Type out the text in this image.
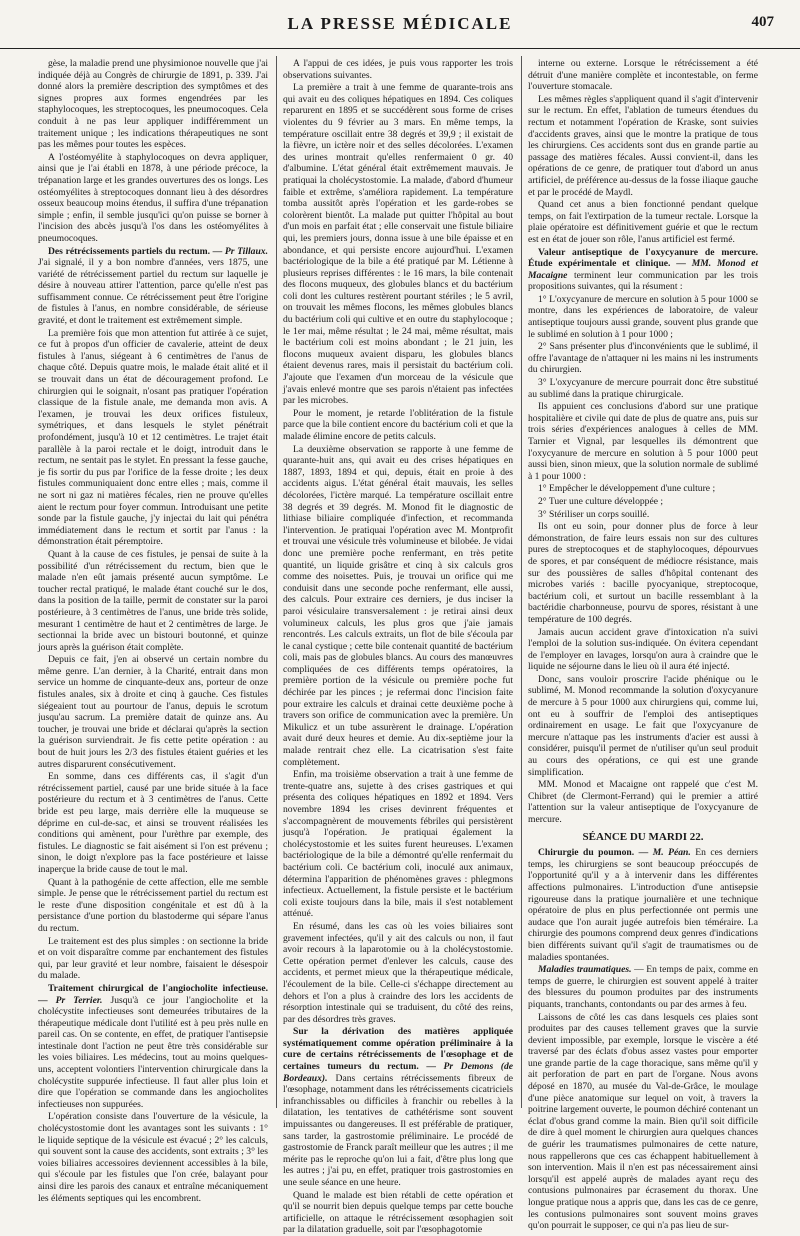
LA PRESSE MÉDICALE	407

gèse, la maladie prend une physimionoe nouvelle que j'ai indiquée déjà au Congrès de chirurgie de 1891, p. 339. J'ai donné alors la première description des symptômes et des signes propres aux formes engendrées par les staphylocoques, les streptocoques, les pneumocoques. Cela conduit à ne pas leur appliquer indifféremment un traitement unique ; les indications thérapeutiques ne sont pas les mêmes pour toutes les espèces.

A l'ostéomyélite à staphylocoques on devra appliquer, ainsi que je l'ai établi en 1878, à une période précoce, la trépanation large et les grandes ouvertures des os longs. Les ostéomyélites à streptocoques donnant lieu à des désordres osseux beaucoup moins étendus, il suffira d'une trépanation simple ; enfin, il semble jusqu'ici qu'on puisse se borner à l'incision des abcès jusqu'à l'os dans les ostéomyélites à pneumocoques.

Des rétrécissements partiels du rectum. — Pr Tillaux. J'ai signalé, il y a bon nombre d'années, vers 1875, une variété de rétrécissement partiel du rectum sur laquelle je désire à nouveau attirer l'attention, parce qu'elle n'est pas suffisamment connue. Ce rétrécissement peut être l'origine de fistules à l'anus, en nombre considérable, de sérieuse gravité, et dont le traitement est extrêmement simple.

La première fois que mon attention fut attirée à ce sujet, ce fut à propos d'un officier de cavalerie, atteint de deux fistules à l'anus, siégeant à 6 centimètres de l'anus de chaque côté. Depuis quatre mois, le malade était alité et il se trouvait dans un état de découragement profond. Le chirurgien qui le soignait, n'osant pas pratiquer l'opération classique de la fistule anale, me demanda mon avis. A l'examen, je trouvai les deux orifices fistuleux, symétriques, et dans lesquels le stylet pénétrait profondément, jusqu'à 10 et 12 centimètres. Le trajet était parallèle à la paroi rectale et le doigt, introduit dans le rectum, ne sentait pas le stylet. En pressant la fesse gauche, je fis sortir du pus par l'orifice de la fesse droite ; les deux fistules communiquaient donc entre elles ; mais, comme il ne sort ni gaz ni matières fécales, rien ne prouve qu'elles aient le rectum pour foyer commun. Introduisant une petite sonde par la fistule gauche, j'y injectai du lait qui pénétra immédiatement dans le rectum et sortit par l'anus : la démonstration était péremptoire.

Quant à la cause de ces fistules, je pensai de suite à la possibilité d'un rétrécissement du rectum, bien que le malade n'en eût jamais présenté aucun symptôme. Le toucher rectal pratiqué, le malade étant couché sur le dos, dans la position de la taille, permit de constater sur la paroi postérieure, à 3 centimètres de l'anus, une bride très solide, mesurant 1 centimètre de haut et 2 centimètres de large. Je sectionnai la bride avec un bistouri boutonné, et quinze jours après la guérison était complète.

Depuis ce fait, j'en ai observé un certain nombre du même genre. L'an dernier, à la Charité, entrait dans mon service un homme de cinquante-deux ans, porteur de onze fistules anales, six à droite et cinq à gauche. Ces fistules siégeaient tout au pourtour de l'anus, depuis le scrotum jusqu'au sacrum. La première datait de quinze ans. Au toucher, je trouvai une bride et déclarai qu'après la section la guérison surviendrait. Je fis cette petite opération : au bout de huit jours les 2/3 des fistules étaient guéries et les autres disparurent consécutivement.

En somme, dans ces différents cas, il s'agit d'un rétrécissement partiel, causé par une bride située à la face postérieure du rectum et à 3 centimètres de l'anus. Cette bride est peu large, mais derrière elle la muqueuse se déprime en cul-de-sac, et ainsi se trouvent réalisées les conditions qui amènent, pour l'urèthre par exemple, des fistules. Le diagnostic se fait aisément si l'on est prévenu ; sinon, le doigt n'explore pas la face postérieure et laisse inaperçue la bride cause de tout le mal.

Quant à la pathogénie de cette affection, elle me semble simple. Je pense que le rétrécissement partiel du rectum est le reste d'une disposition congénitale et est dû à la persistance d'une portion du blastoderme qui sépare l'anus du rectum.

Le traitement est des plus simples : on sectionne la bride et on voit disparaître comme par enchantement des fistules qui, par leur gravité et leur nombre, faisaient le désespoir du malade.

Traitement chirurgical de l'angiocholite infectieuse. — Pr Terrier. Jusqu'à ce jour l'angiocholite et la cholécystite infectieuses sont demeurées tributaires de la thérapeutique médicale dont l'utilité est à peu près nulle en pareil cas. On se contente, en effet, de pratiquer l'antisepsie intestinale dont l'action ne peut être très considérable sur les voies biliaires. Les médecins, tout au moins quelques-uns, acceptent volontiers l'intervention chirurgicale dans la cholécystite suppurée infectieuse. Il faut aller plus loin et dire que l'opération se commande dans les angiocholites infectieuses non suppurées.

L'opération consiste dans l'ouverture de la vésicule, la cholécystostomie dont les avantages sont les suivants : 1° le liquide septique de la vésicule est évacué ; 2° les calculs, qui souvent sont la cause des accidents, sont extraits ; 3° les voies biliaires accessoires deviennent accessibles à la bile, qui s'écoule par les fistules que l'on crée, balayant pour ainsi dire les parois des canaux et entraîne mécaniquement les éléments septiques qui les encombrent.

A l'appui de ces idées, je puis vous rapporter les trois observations suivantes.

La première a trait à une femme de quarante-trois ans qui avait eu des coliques hépatiques en 1894. Ces coliques reparurent en 1895 et se succédèrent sous forme de crises violentes du 9 février au 3 mars. En même temps, la température oscillait entre 38 degrés et 39,9 ; il existait de la fièvre, un ictère noir et des selles décolorées. L'examen des urines montrait qu'elles renfermaient 0 gr. 40 d'albumine. L'état général était extrêmement mauvais. Je pratiquai la cholécystostomie. La malade, d'abord d'humeur faible et extrême, s'améliora rapidement. La température tomba aussitôt après l'opération et les garde-robes se colorèrent bientôt. La malade put quitter l'hôpital au bout d'un mois en parfait état ; elle conservait une fistule biliaire qui, les premiers jours, donna issue à une bile épaisse et en abondance, et qui persiste encore aujourd'hui. L'examen bactériologique de la bile a été pratiqué par M. Létienne à plusieurs reprises différentes : le 16 mars, la bile contenait des flocons muqueux, des globules blancs et du bactérium coli dont les cultures restèrent pourtant stériles ; le 5 avril, on trouvait les mêmes flocons, les mêmes globules blancs du bactérium coli qui cultive et en outre du staphylocoque ; le 1er mai, même résultat ; le 24 mai, même résultat, mais le bactérium coli est moins abondant ; le 21 juin, les flocons muqueux avaient disparu, les globules blancs étaient devenus rares, mais il persistait du bactérium coli. J'ajoute que l'examen d'un morceau de la vésicule que j'avais enlevé montre que ses parois n'étaient pas infectées par les microbes.

Pour le moment, je retarde l'oblitération de la fistule parce que la bile contient encore du bactérium coli et que la malade élimine encore de petits calculs.

La deuxième observation se rapporte à une femme de quarante-huit ans, qui avait eu des crises hépatiques en 1887, 1893, 1894 et qui, depuis, était en proie à des accidents aigus. L'état général était mauvais, les selles décolorées, l'ictère marqué. La température oscillait entre 38 degrés et 39 degrés. M. Monod fit le diagnostic de lithiase biliaire compliquée d'infection, et recommanda l'intervention. Je pratiquai l'opération avec M. Montprofit et trouvai une vésicule très volumineuse et bilobée. Je vidai donc une première poche renfermant, en très petite quantité, un liquide grisâtre et cinq à six calculs gros comme des noisettes. Puis, je trouvai un orifice qui me conduisit dans une seconde poche renfermant, elle aussi, des calculs. Pour extraire ces derniers, je dus inciser la paroi vésiculaire transversalement : je retirai ainsi deux volumineux calculs, les plus gros que j'aie jamais rencontrés. Les calculs extraits, un flot de bile s'écoula par le canal cystique ; cette bile contenait quantité de bactérium coli, mais pas de globules blancs. Au cours des manœuvres compliquées de ces différents temps opératoires, la première portion de la vésicule ou première poche fut déchirée par les pinces ; je refermai donc l'incision faite pour extraire les calculs et drainai cette deuxième poche à travers son orifice de communication avec la première. Un Mikulicz et un tube assurèrent le drainage. L'opération avait duré deux heures et demie. Au dix-septième jour la malade rentrait chez elle. La cicatrisation s'est faite complètement.

Enfin, ma troisième observation a trait à une femme de trente-quatre ans, sujette à des crises gastriques et qui présenta des coliques hépatiques en 1892 et 1894. Vers novembre 1894 les crises devinrent fréquentes et s'accompagnèrent de mouvements fébriles qui persistèrent jusqu'à l'opération. Je pratiquai également la cholécystostomie et les suites furent heureuses. L'examen bactériologique de la bile a démontré qu'elle renfermait du bactérium coli. Ce bactérium coli, inoculé aux animaux, détermina l'apparition de phénomènes graves : phlegmons infectieux. Actuellement, la fistule persiste et le bactérium coli existe toujours dans la bile, mais il s'est notablement atténué.

En résumé, dans les cas où les voies biliaires sont gravement infectées, qu'il y ait des calculs ou non, il faut avoir recours à la laparotomie ou à la cholécystostomie. Cette opération permet d'enlever les calculs, cause des accidents, et permet mieux que la thérapeutique médicale, l'écoulement de la bile. Celle-ci s'échappe directement au dehors et l'on a plus à craindre des lors les accidents de résorption intestinale qui se traduisent, du côté des reins, par des désordres très graves.

Sur la dérivation des matières appliquée systématiquement comme opération préliminaire à la cure de certains rétrécissements de l'œsophage et de certaines tumeurs du rectum. — Pr Demons (de Bordeaux). Dans certains rétrécissements fibreux de l'œsophage, notamment dans les rétrécissements cicatriciels infranchissables ou difficiles à franchir ou rebelles à la dilatation, les tentatives de cathétérisme sont souvent impuissantes ou dangereuses. Il est préférable de pratiquer, sans tarder, la gastrostomie préliminaire. Le procédé de gastrostomie de Franck paraît meilleur que les autres ; il me mérite pas le reproche qu'on lui a fait, d'être plus long que les autres ; j'ai pu, en effet, pratiquer trois gastrostomies en une seule séance en une heure.

Quand le malade est bien rétabli de cette opération et qu'il se nourrit bien depuis quelque temps par cette bouche artificielle, on attaque le rétrécissement œsophagien soit par la dilatation graduelle, soit par l'œsophagotomie

interne ou externe. Lorsque le rétrécissement a été détruit d'une manière complète et incontestable, on ferme l'ouverture stomacale.

Les mêmes règles s'appliquent quand il s'agit d'intervenir sur le rectum. En effet, l'ablation de tumeurs étendues du rectum et notamment l'opération de Kraske, sont suivies d'accidents graves, ainsi que le montre la pratique de tous les chirurgiens. Ces accidents sont dus en grande partie au passage des matières fécales. Aussi convient-il, dans les opérations de ce genre, de pratiquer tout d'abord un anus artificiel, de préférence au-dessus de la fosse iliaque gauche et par le procédé de Maydl.

Quand cet anus a bien fonctionné pendant quelque temps, on fait l'extirpation de la tumeur rectale. Lorsque la plaie opératoire est définitivement guérie et que le rectum est en état de jouer son rôle, l'anus artificiel est fermé.

Valeur antiseptique de l'oxycyanure de mercure. Étude expérimentale et clinique. — MM. Monod et Macaigne terminent leur communication par les trois propositions suivantes, qui la résument :

1° L'oxycyanure de mercure en solution à 5 pour 1000 se montre, dans les expériences de laboratoire, de valeur antiseptique toujours aussi grande, souvent plus grande que le sublimé en solution à 1 pour 1000 ;

2° Sans présenter plus d'inconvénients que le sublimé, il offre l'avantage de n'attaquer ni les mains ni les instruments du chirurgien.

3° L'oxycyanure de mercure pourrait donc être substitué au sublimé dans la pratique chirurgicale.

Ils appuient ces conclusions d'abord sur une pratique hospitalière et civile qui date de plus de quatre ans, puis sur trois séries d'expériences analogues à celles de MM. Tarnier et Vignal, par lesquelles ils démontrent que l'oxycyanure de mercure en solution à 5 pour 1000 peut aussi bien, sinon mieux, que la solution normale de sublimé à 1 pour 1000 :

1° Empêcher le développement d'une culture ;

2° Tuer une culture développée ;

3° Stériliser un corps souillé.

Ils ont eu soin, pour donner plus de force à leur démonstration, de faire leurs essais non sur des cultures pures de streptocoques et de staphylocoques, dépourvues de spores, et par conséquent de médiocre résistance, mais sur des poussières de salles d'hôpital contenant des microbes variés : bacille pyocyanique, streptocoque, bactérium coli, et surtout un bacille ressemblant à la bactéridie charbonneuse, pourvu de spores, résistant à une température de 100 degrés.

Jamais aucun accident grave d'intoxication n'a suivi l'emploi de la solution sus-indiquée. On évitera cependant de l'employer en lavages, lorsqu'on aura à craindre que le liquide ne séjourne dans le lieu où il aura été injecté.

Donc, sans vouloir proscrire l'acide phénique ou le sublimé, M. Monod recommande la solution d'oxycyanure de mercure à 5 pour 1000 aux chirurgiens qui, comme lui, ont eu à souffrir de l'emploi des antiseptiques ordinairement en usage. Le fait que l'oxycyanure de mercure n'attaque pas les instruments d'acier est aussi à considérer, puisqu'il permet de n'utiliser qu'un seul produit au cours des opérations, ce qui est une grande simplification.

MM. Monod et Macaigne ont rappelé que c'est M. Chibret (de Clermont-Ferrand) qui le premier a attiré l'attention sur la valeur antiseptique de l'oxycyanure de mercure.

SÉANCE DU MARDI 22.

Chirurgie du poumon. — M. Péan. En ces derniers temps, les chirurgiens se sont beaucoup préoccupés de l'opportunité qu'il y a à intervenir dans les différentes affections pulmonaires. L'introduction d'une antisepsie rigoureuse dans la pratique journalière et une technique opératoire de plus en plus perfectionnée ont permis une audace que l'on aurait jugée autrefois bien téméraire. La chirurgie des poumons comprend deux genres d'indications bien différents suivant qu'il s'agit de traumatismes ou de maladies spontanées.

Maladies traumatiques. — En temps de paix, comme en temps de guerre, le chirurgien est souvent appelé à traiter des blessures du poumon produites par des instruments piquants, tranchants, contondants ou par des armes à feu.

Laissons de côté les cas dans lesquels ces plaies sont produites par des causes tellement graves que la survie devient impossible, par exemple, lorsque le viscère a été traversé par des éclats d'obus assez vastes pour emporter une grande partie de la cage thoracique, sans même qu'il y ait perforation de part en part de l'organe. Nous avons déposé en 1870, au musée du Val-de-Grâce, le moulage d'une pièce anatomique sur lequel on voit, à travers la poitrine largement ouverte, le poumon déchiré contenant un éclat d'obus grand comme la main. Bien qu'il soit difficile de dire à quel moment le chirurgien aura quelques chances de guérir les traumatismes pulmonaires de cette nature, nous rappellerons que ces cas échappent habituellement à son intervention. Mais il n'en est pas nécessairement ainsi lorsqu'il est appelé auprès de malades ayant reçu des contusions pulmonaires par écrasement du thorax. Une longue pratique nous a appris que, dans les cas de ce genre, les contusions pulmonaires sont souvent moins graves qu'on pourrait le supposer, ce qui n'a pas lieu de sur-
